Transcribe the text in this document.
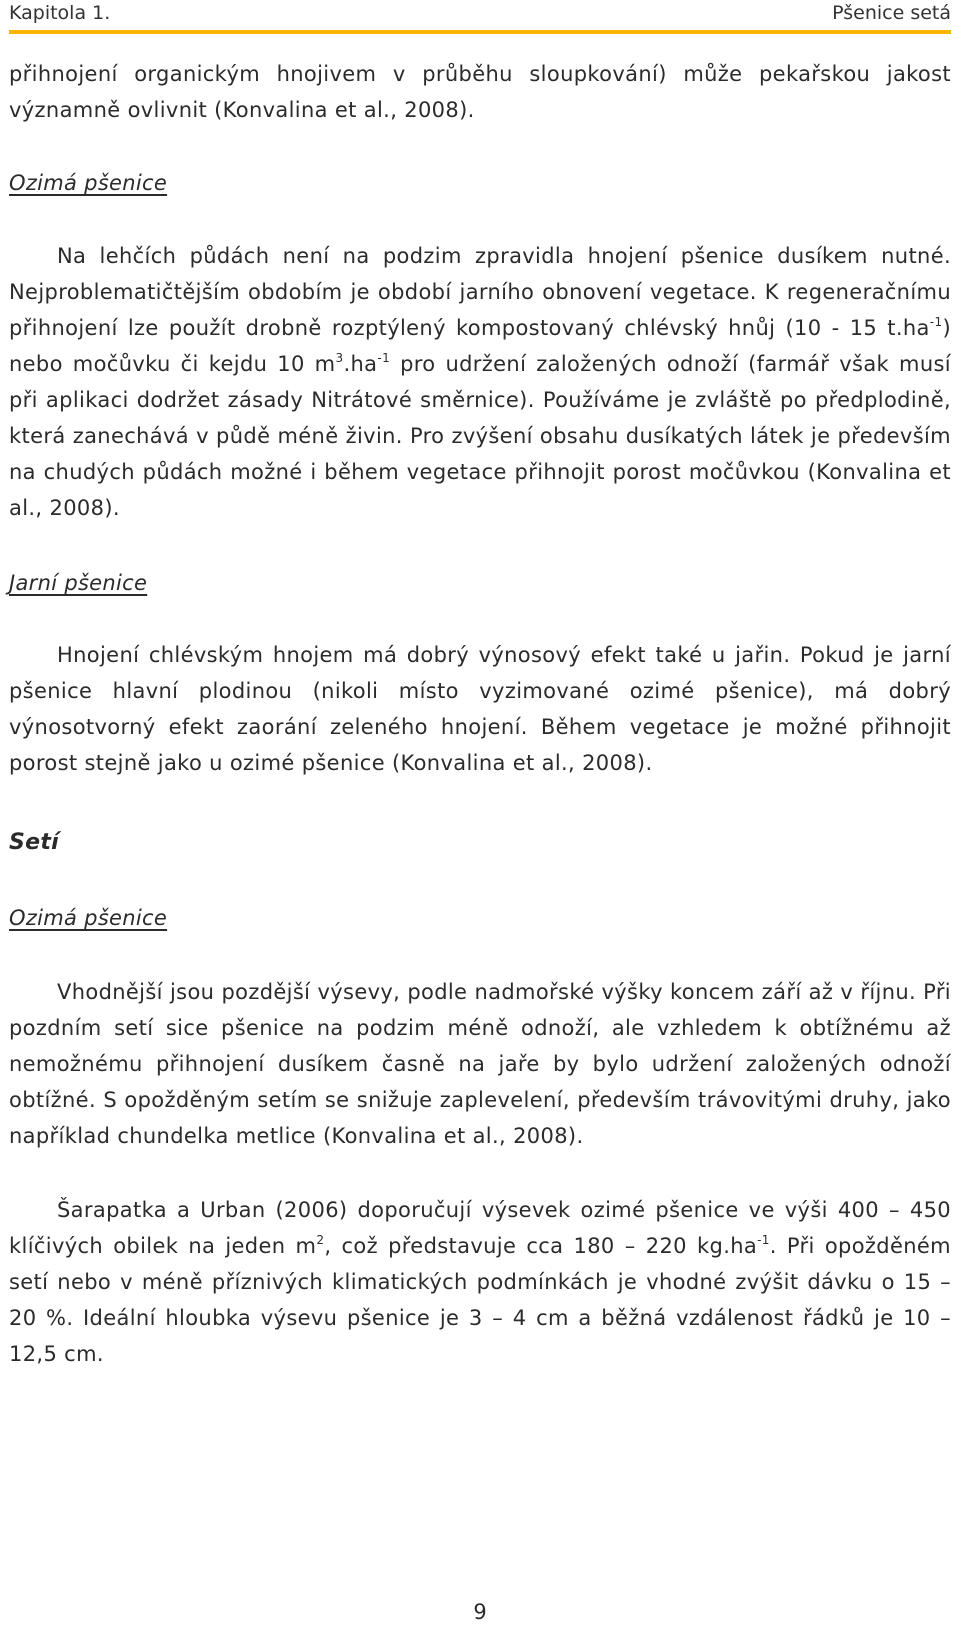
Kapitola 1.	Pšenice setá

přihnojení organickým hnojivem v průběhu sloupkování) může pekařskou jakost významně ovlivnit (Konvalina et al., 2008).

Ozimá pšenice

Na lehčích půdách není na podzim zpravidla hnojení pšenice dusíkem nutné. Nejproblematičtějším obdobím je období jarního obnovení vegetace. K regeneračnímu přihnojení lze použít drobně rozptýlený kompostovaný chlévský hnůj (10 - 15 $t.ha^{-1}$) nebo močůvku či kejdu 10 $m^3.ha^{-1}$ pro udržení založených odnoží (farmář však musí při aplikaci dodržet zásady Nitrátové směrnice). Používáme je zvláště po předplodině, která zanechává v půdě méně živin. Pro zvýšení obsahu dusíkatých látek je především na chudých půdách možné i během vegetace přihnojit porost močůvkou (Konvalina et al., 2008).

Jarní pšenice

Hnojení chlévským hnojem má dobrý výnosový efekt také u jařin. Pokud je jarní pšenice hlavní plodinou (nikoli místo vyzimované ozimé pšenice), má dobrý výnosotvorný efekt zaorání zeleného hnojení. Během vegetace je možné přihnojit porost stejně jako u ozimé pšenice (Konvalina et al., 2008).

Setí

Ozimá pšenice

Vhodnější jsou pozdější výsevy, podle nadmořské výšky koncem září až v říjnu. Při pozdním setí sice pšenice na podzim méně odnoží, ale vzhledem k obtížnému až nemožnému přihnojení dusíkem časně na jaře by bylo udržení založených odnoží obtížné. S opožděným setím se snižuje zaplevelení, především trávovitými druhy, jako například chundelka metlice (Konvalina et al., 2008).

Šarapatka a Urban (2006) doporučují výsevek ozimé pšenice ve výši 400 – 450 klíčivých obilek na jeden $m^2$, což představuje cca 180 – 220 $kg.ha^{-1}$. Při opožděném setí nebo v méně příznivých klimatických podmínkách je vhodné zvýšit dávku o 15 – 20 %. Ideální hloubka výsevu pšenice je 3 – 4 cm a běžná vzdálenost řádků je 10 – 12,5 cm.

9
